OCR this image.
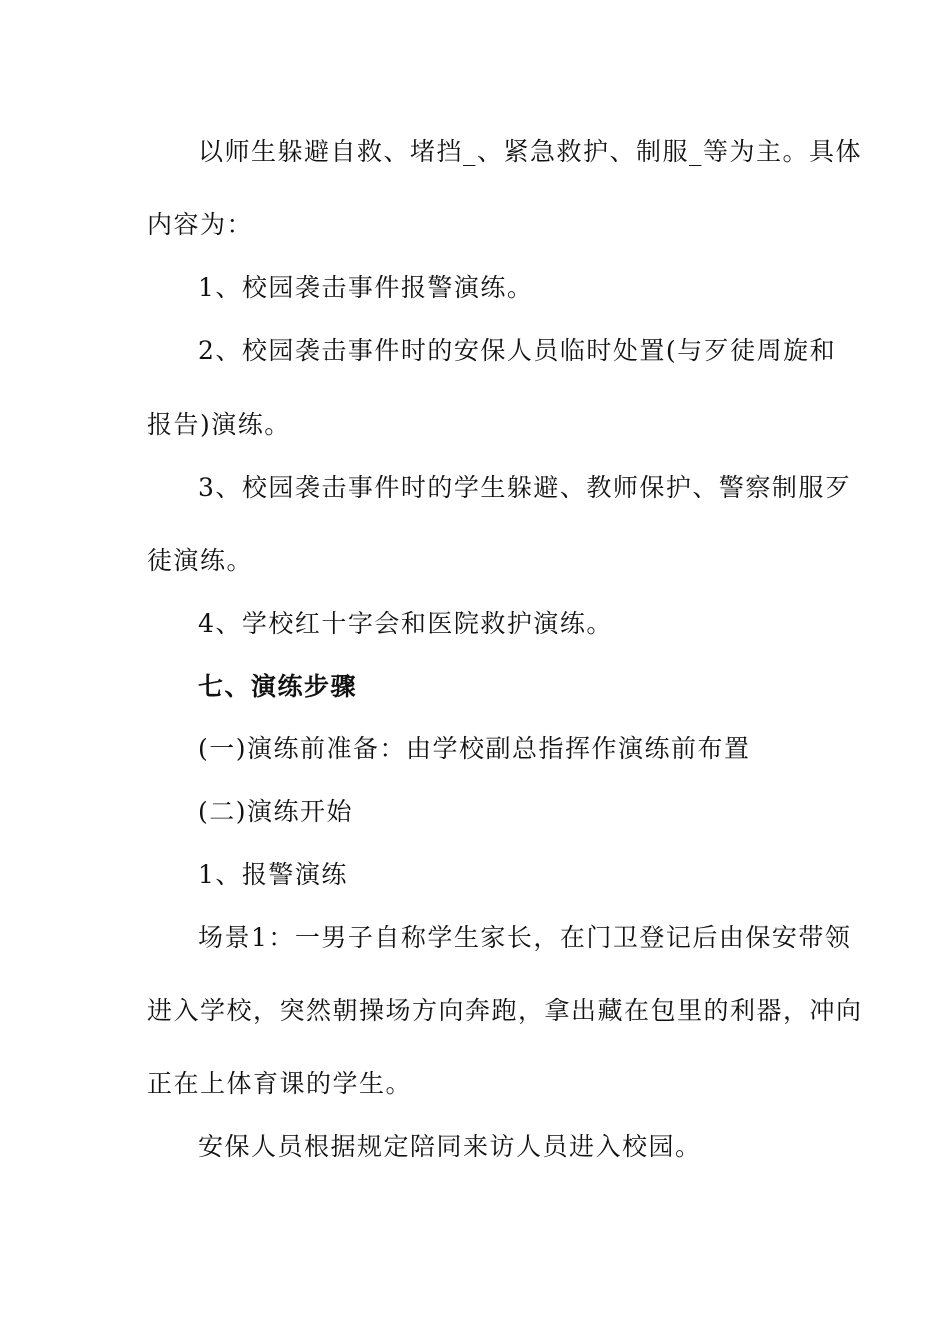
以师生躲避自救、堵挡_、紧急救护、制服_等为主。具体
内容为：
1、校园袭击事件报警演练。
2、校园袭击事件时的安保人员临时处置(与歹徒周旋和
报告)演练。
3、校园袭击事件时的学生躲避、教师保护、警察制服歹
徒演练。
4、学校红十字会和医院救护演练。
七、演练步骤
(一)演练前准备：由学校副总指挥作演练前布置
(二)演练开始
1、报警演练
场景1：一男子自称学生家长，在门卫登记后由保安带领
进入学校，突然朝操场方向奔跑，拿出藏在包里的利器，冲向
正在上体育课的学生。
安保人员根据规定陪同来访人员进入校园。
